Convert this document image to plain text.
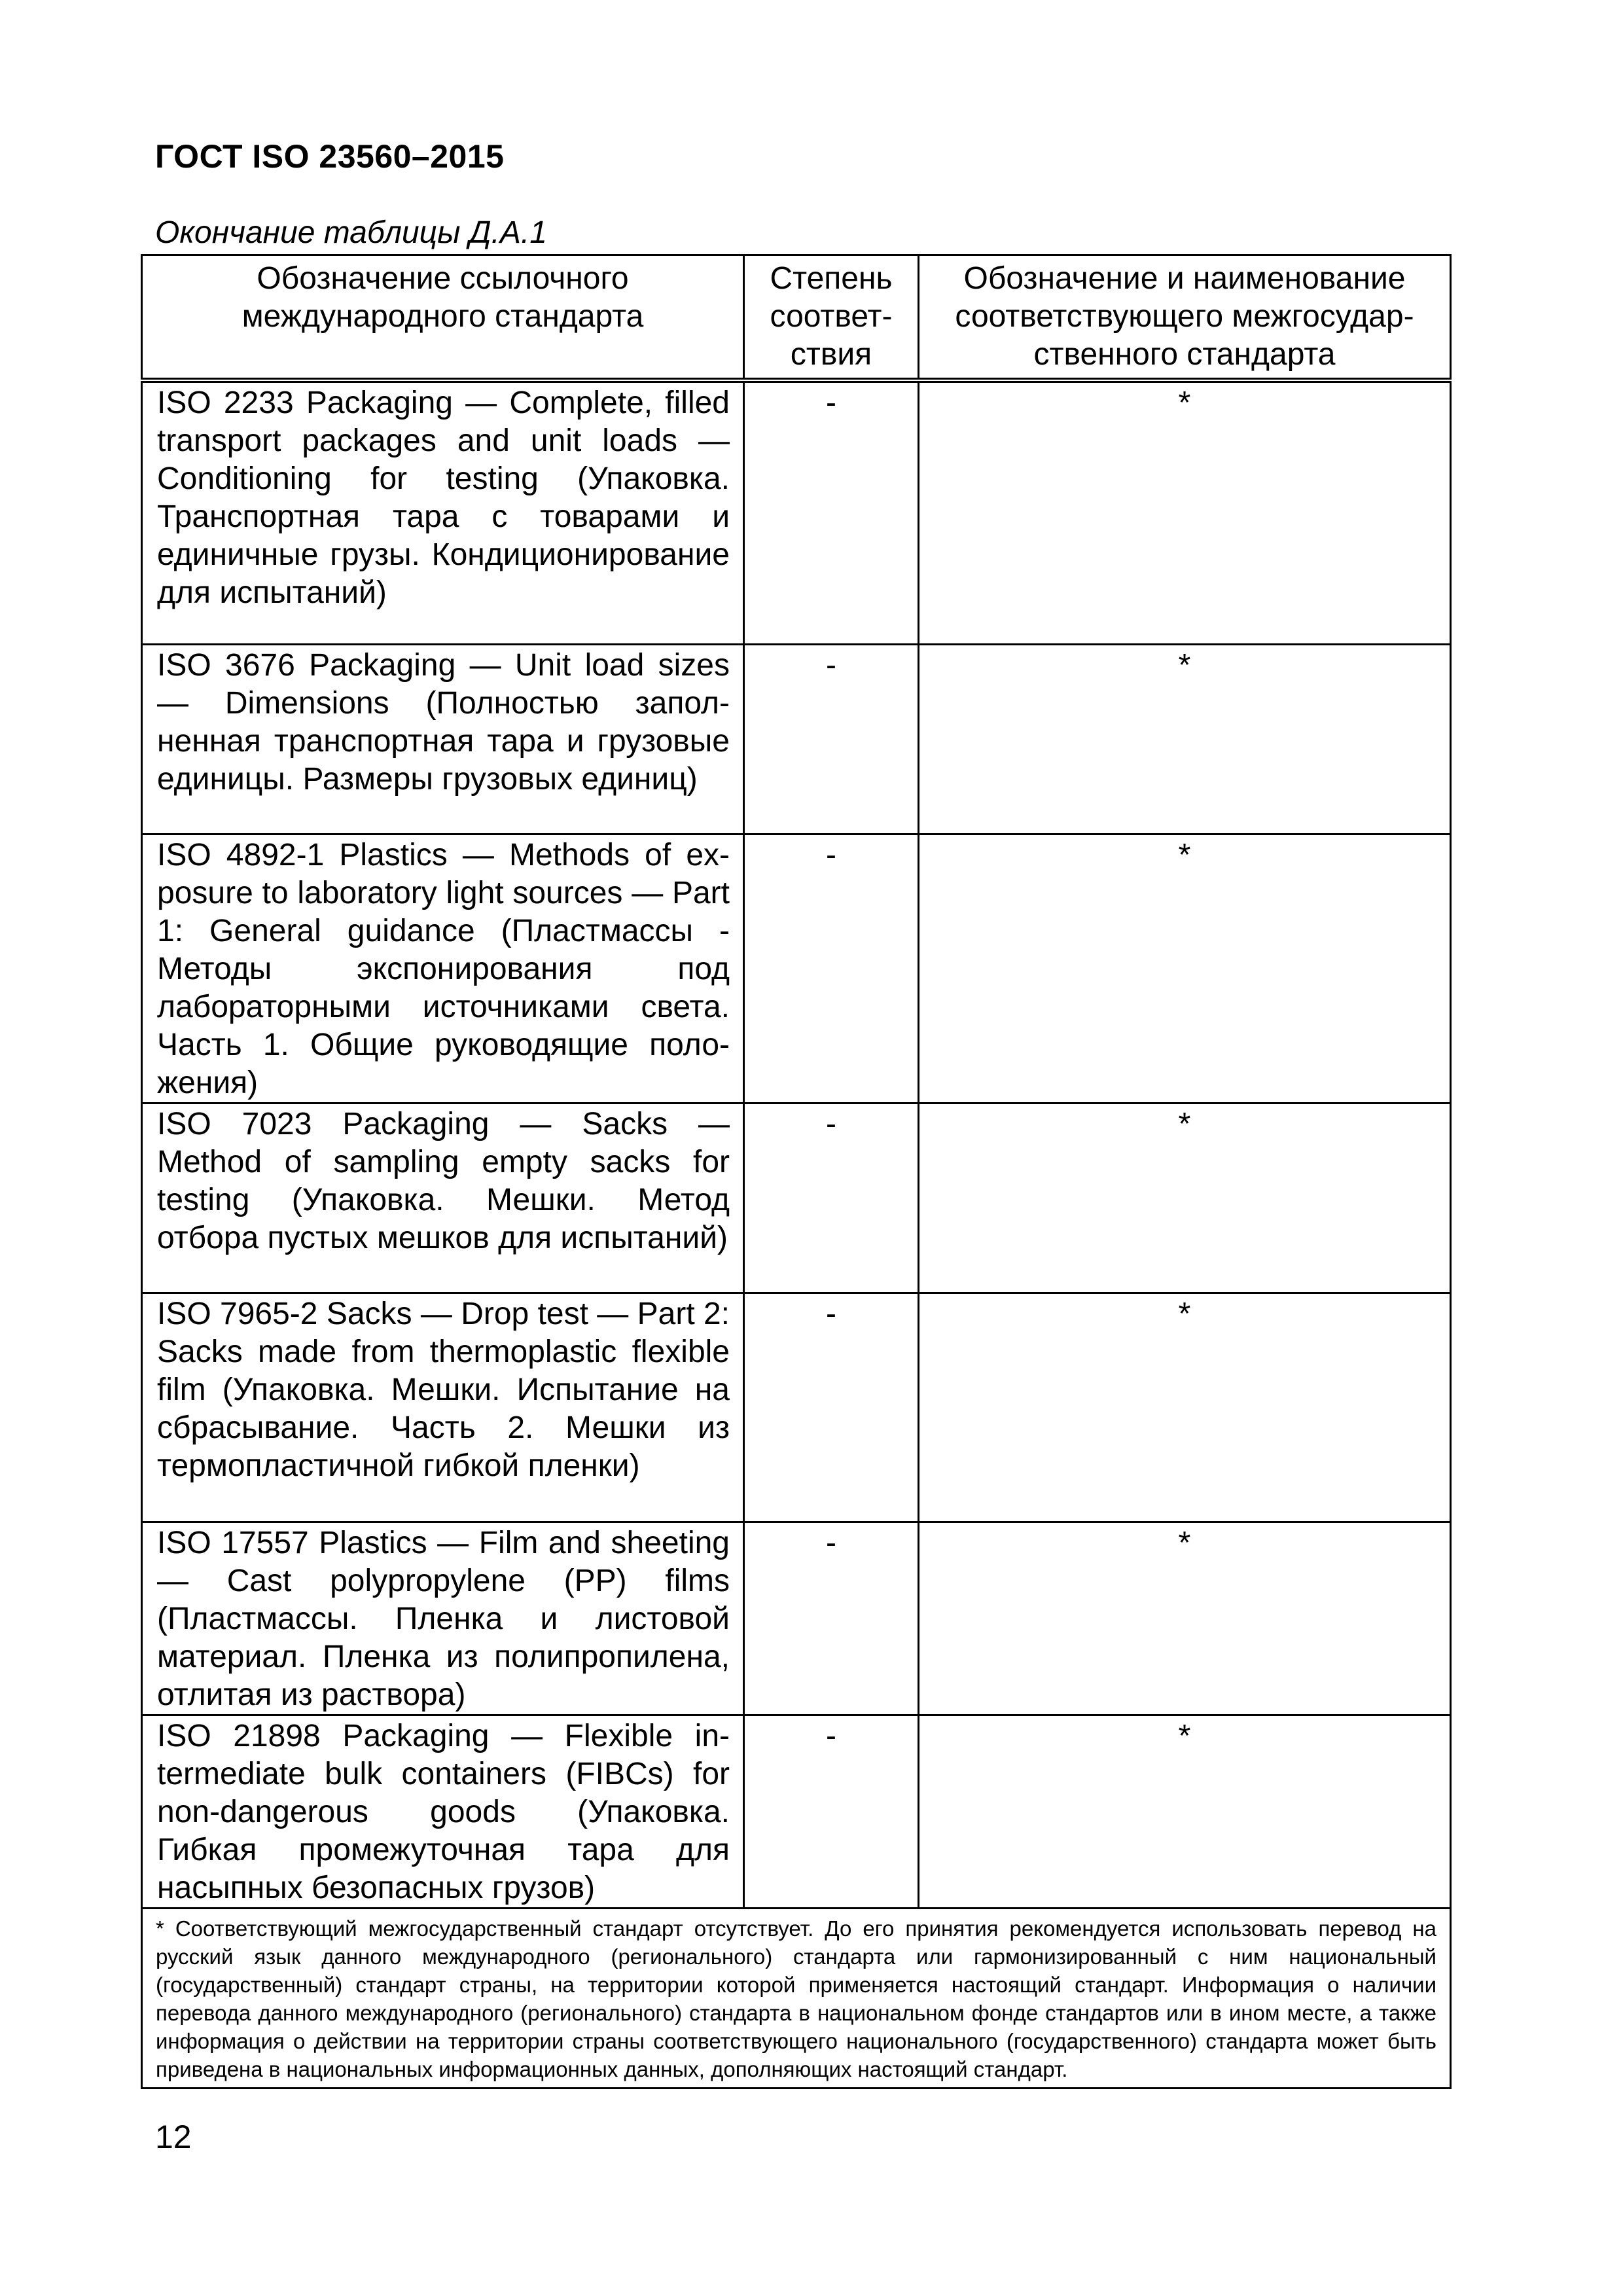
ГОСТ ISO 23560–2015
Окончание таблицы Д.А.1
Обозначение ссылочного международного стандарта	Степень соответствия	Обозначение и наименование соответствующего межгосударственного стандарта
ISO 2233 Packaging — Complete, filled transport packages and unit loads — Conditioning for testing (Упаковка. Транспортная тара с товарами и единичные грузы. Кондиционирование для испытаний)	-	*
ISO 3676 Packaging — Unit load sizes — Dimensions (Полностью заполненная транспортная тара и грузовые единицы. Размеры грузовых единиц)	-	*
ISO 4892-1 Plastics — Methods of exposure to laboratory light sources — Part 1: General guidance (Пластмассы - Методы экспонирования под лабораторными источниками света. Часть 1. Общие руководящие положения)	-	*
ISO 7023 Packaging — Sacks — Method of sampling empty sacks for testing (Упаковка. Мешки. Метод отбора пустых мешков для испытаний)	-	*
ISO 7965-2 Sacks — Drop test — Part 2: Sacks made from thermoplastic flexible film (Упаковка. Мешки. Испытание на сбрасывание. Часть 2. Мешки из термопластичной гибкой пленки)	-	*
ISO 17557 Plastics — Film and sheeting — Cast polypropylene (PP) films (Пластмассы. Пленка и листовой материал. Пленка из полипропилена, отлитая из раствора)	-	*
ISO 21898 Packaging — Flexible intermediate bulk containers (FIBCs) for non-dangerous goods (Упаковка. Гибкая промежуточная тара для насыпных безопасных грузов)	-	*
* Соответствующий межгосударственный стандарт отсутствует. До его принятия рекомендуется использовать перевод на русский язык данного международного (регионального) стандарта или гармонизированный с ним национальный (государственный) стандарт страны, на территории которой применяется настоящий стандарт. Информация о наличии перевода данного международного (регионального) стандарта в национальном фонде стандартов или в ином месте, а также информация о действии на территории страны соответствующего национального (государственного) стандарта может быть приведена в национальных информационных данных, дополняющих настоящий стандарт.		
12
